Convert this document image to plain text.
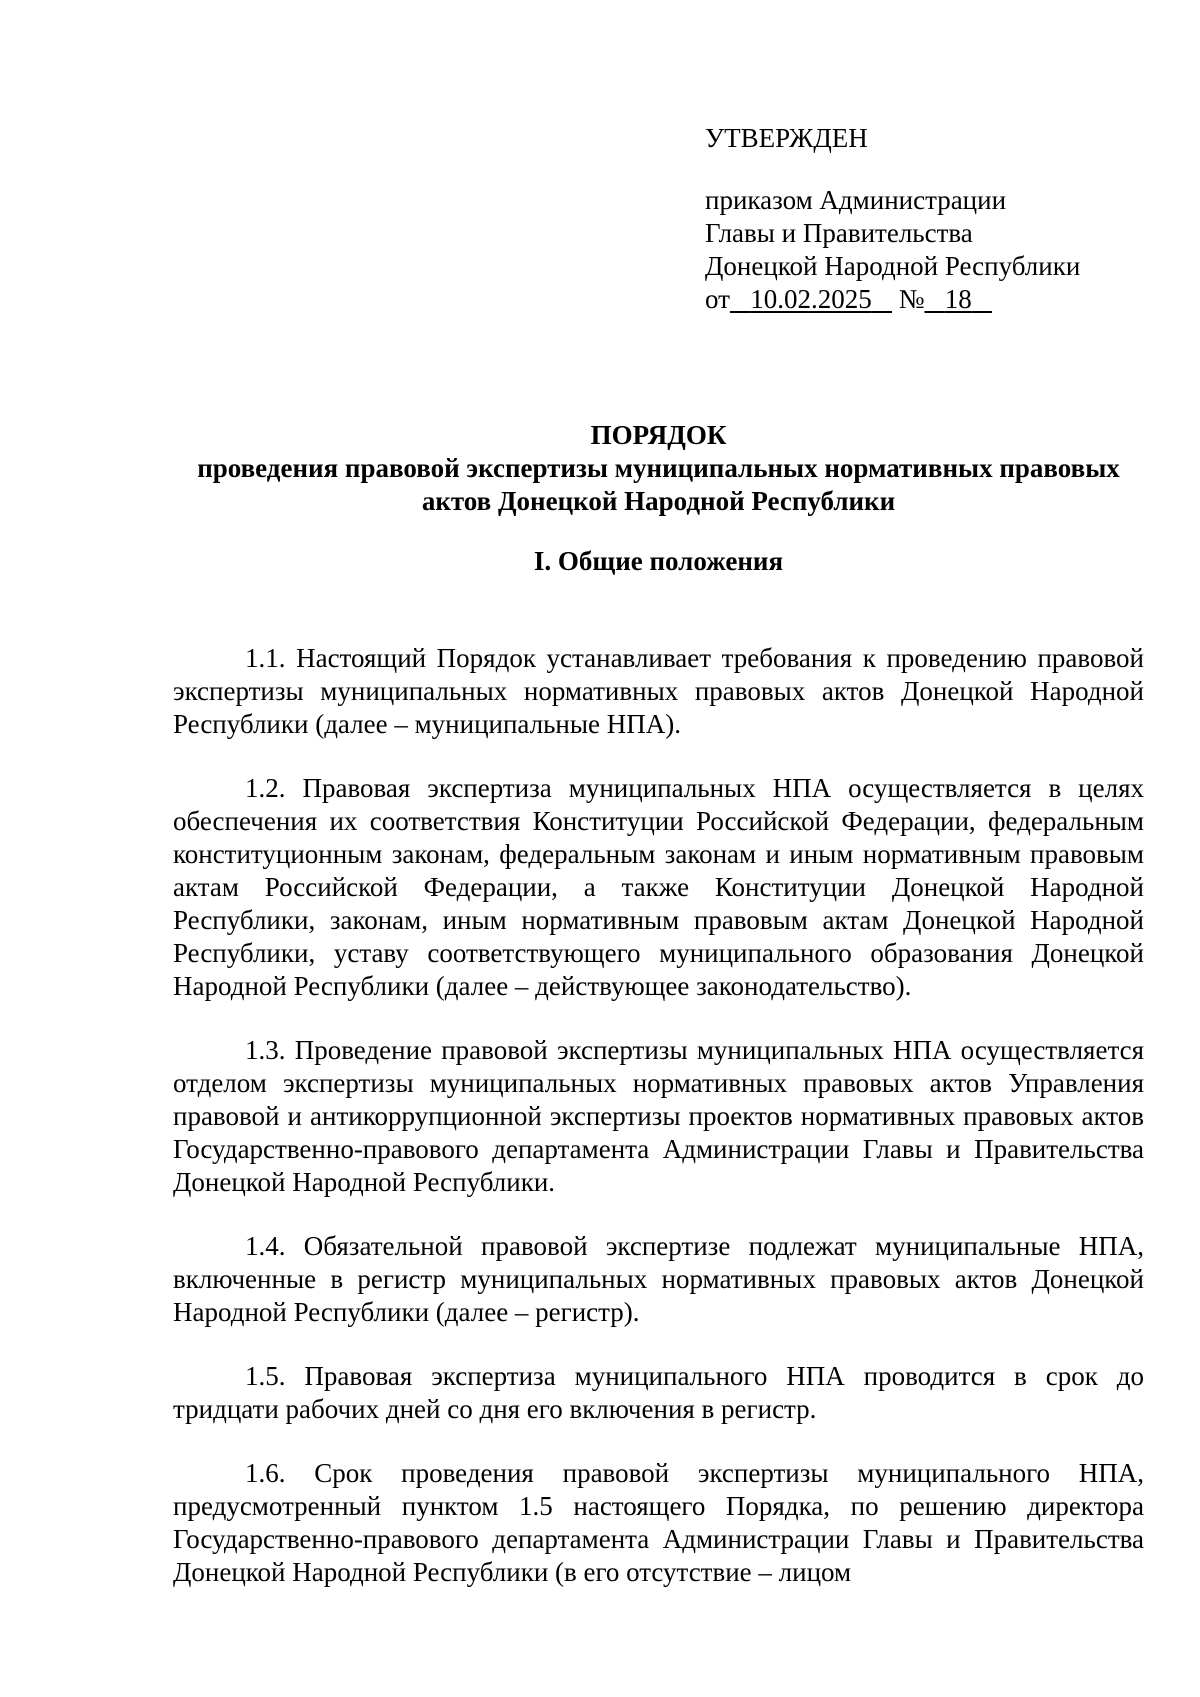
УТВЕРЖДЕН
приказом Администрации
Главы и Правительства
Донецкой Народной Республики
от 10.02.2025 № 18

ПОРЯДОК

проведения правовой экспертизы муниципальных нормативных правовых актов Донецкой Народной Республики

I. Общие положения

1.1. Настоящий Порядок устанавливает требования к проведению правовой экспертизы муниципальных нормативных правовых актов Донецкой Народной Республики (далее – муниципальные НПА).

1.2. Правовая экспертиза муниципальных НПА осуществляется в целях обеспечения их соответствия Конституции Российской Федерации, федеральным конституционным законам, федеральным законам и иным нормативным правовым актам Российской Федерации, а также Конституции Донецкой Народной Республики, законам, иным нормативным правовым актам Донецкой Народной Республики, уставу соответствующего муниципального образования Донецкой Народной Республики (далее – действующее законодательство).

1.3. Проведение правовой экспертизы муниципальных НПА осуществляется отделом экспертизы муниципальных нормативных правовых актов Управления правовой и антикоррупционной экспертизы проектов нормативных правовых актов Государственно-правового департамента Администрации Главы и Правительства Донецкой Народной Республики.

1.4. Обязательной правовой экспертизе подлежат муниципальные НПА, включенные в регистр муниципальных нормативных правовых актов Донецкой Народной Республики (далее – регистр).

1.5. Правовая экспертиза муниципального НПА проводится в срок до тридцати рабочих дней со дня его включения в регистр.

1.6. Срок проведения правовой экспертизы муниципального НПА, предусмотренный пунктом 1.5 настоящего Порядка, по решению директора Государственно-правового департамента Администрации Главы и Правительства Донецкой Народной Республики (в его отсутствие – лицом
